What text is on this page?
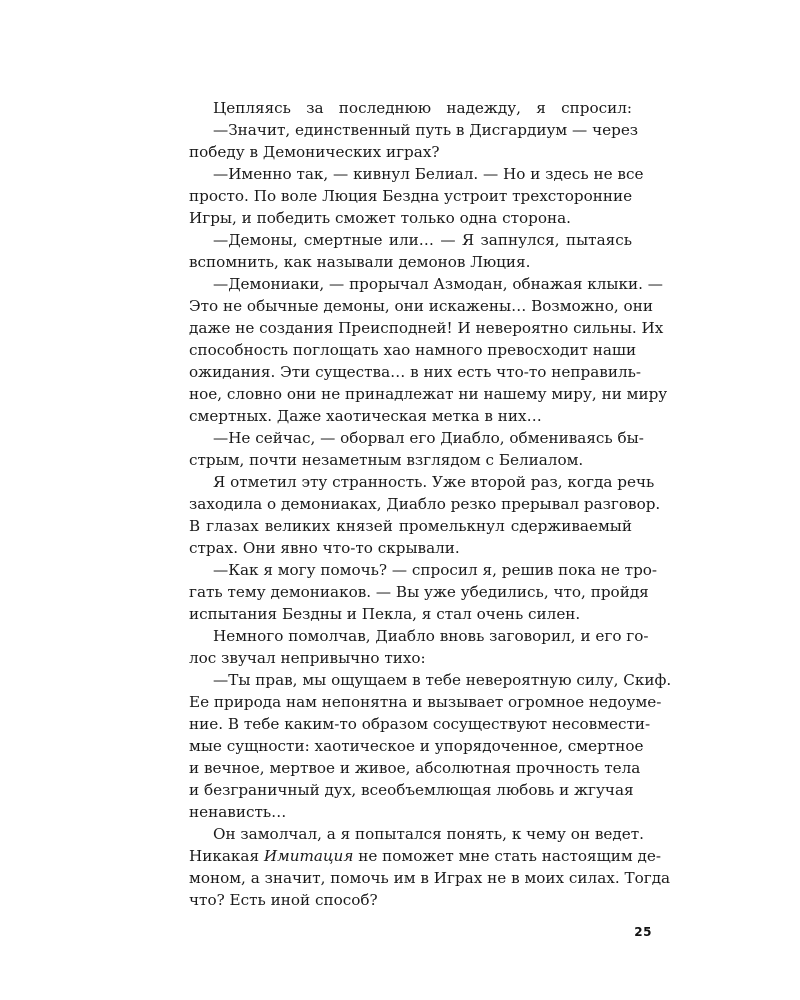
Цепляясь за последнюю надежду, я спросил:
—Значит, единственный путь в Дисгардиум — через
победу в Демонических играх?
—Именно так, — кивнул Белиал. — Но и здесь не все
просто. По воле Люция Бездна устроит трехсторонние
Игры, и победить сможет только одна сторона.
—Демоны, смертные или… — Я запнулся, пытаясь
вспомнить, как называли демонов Люция.
—Демониаки, — прорычал Азмодан, обнажая клыки. —
Это не обычные демоны, они искажены… Возможно, они
даже не создания Преисподней! И невероятно сильны. Их
способность поглощать хао намного превосходит наши
ожидания. Эти существа… в них есть что-то неправиль-
ное, словно они не принадлежат ни нашему миру, ни миру
смертных. Даже хаотическая метка в них…
—Не сейчас, — оборвал его Диабло, обмениваясь бы-
стрым, почти незаметным взглядом с Белиалом.
Я отметил эту странность. Уже второй раз, когда речь
заходила о демониаках, Диабло резко прерывал разговор.
В глазах великих князей промелькнул сдерживаемый
страх. Они явно что-то скрывали.
—Как я могу помочь? — спросил я, решив пока не тро-
гать тему демониаков. — Вы уже убедились, что, пройдя
испытания Бездны и Пекла, я стал очень силен.
Немного помолчав, Диабло вновь заговорил, и его го-
лос звучал непривычно тихо:
—Ты прав, мы ощущаем в тебе невероятную силу, Скиф.
Ее природа нам непонятна и вызывает огромное недоуме-
ние. В тебе каким-то образом сосуществуют несовмести-
мые сущности: хаотическое и упорядоченное, смертное
и вечное, мертвое и живое, абсолютная прочность тела
и безграничный дух, всеобъемлющая любовь и жгучая
ненависть…
Он замолчал, а я попытался понять, к чему он ведет.
Никакая Имитация не поможет мне стать настоящим де-
моном, а значит, помочь им в Играх не в моих силах. Тогда
что? Есть иной способ?
25
